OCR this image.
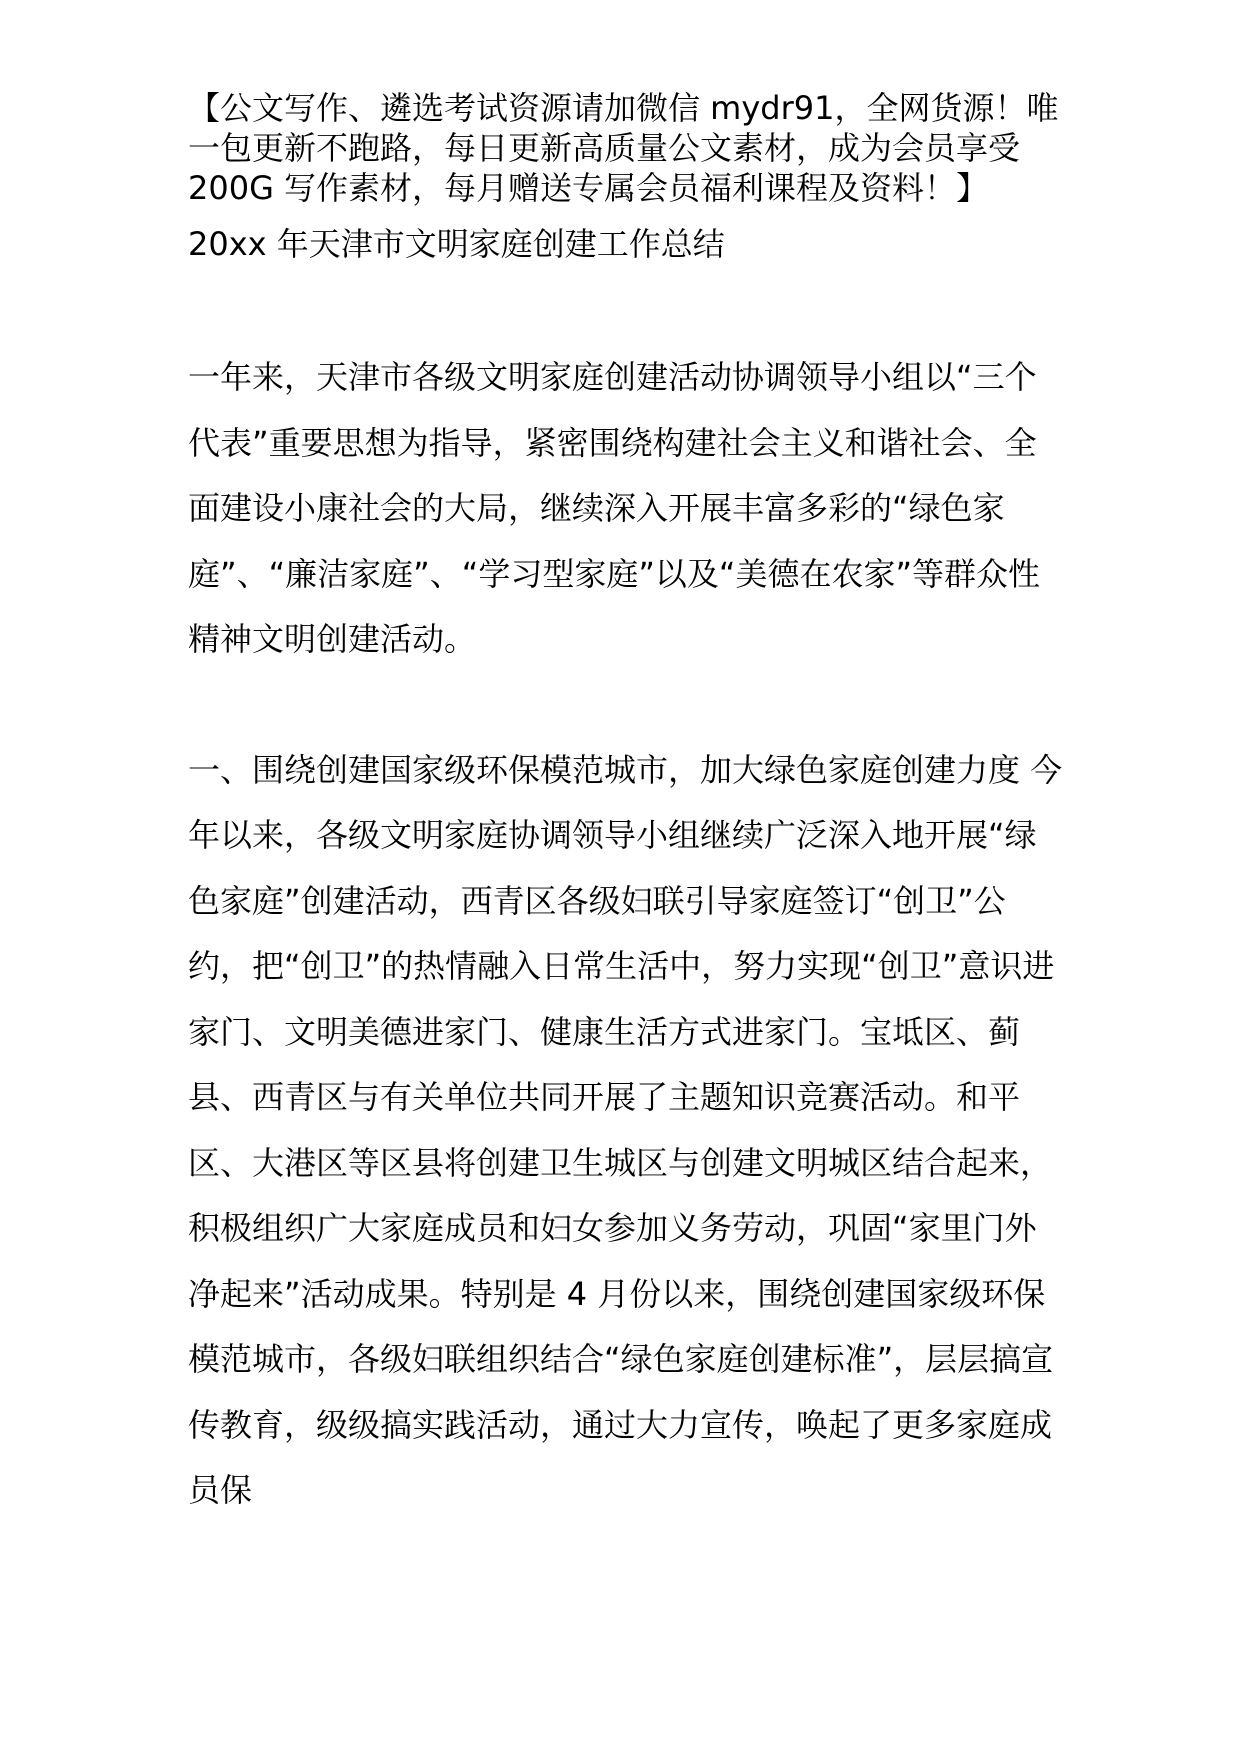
【公文写作、遴选考试资源请加微信 mydr91，全网货源！唯一包更新不跑路，每日更新高质量公文素材，成为会员享受 200G 写作素材，每月赠送专属会员福利课程及资料！】

20xx 年天津市文明家庭创建工作总结

一年来，天津市各级文明家庭创建活动协调领导小组以“三个代表”重要思想为指导，紧密围绕构建社会主义和谐社会、全面建设小康社会的大局，继续深入开展丰富多彩的“绿色家庭”、“廉洁家庭”、“学习型家庭”以及“美德在农家”等群众性精神文明创建活动。

一、围绕创建国家级环保模范城市，加大绿色家庭创建力度 今年以来，各级文明家庭协调领导小组继续广泛深入地开展“绿色家庭”创建活动，西青区各级妇联引导家庭签订“创卫”公约，把“创卫”的热情融入日常生活中，努力实现“创卫”意识进家门、文明美德进家门、健康生活方式进家门。宝坻区、蓟县、西青区与有关单位共同开展了主题知识竞赛活动。和平区、大港区等区县将创建卫生城区与创建文明城区结合起来，积极组织广大家庭成员和妇女参加义务劳动，巩固“家里门外净起来”活动成果。特别是 4 月份以来，围绕创建国家级环保模范城市，各级妇联组织结合“绿色家庭创建标准”，层层搞宣传教育，级级搞实践活动，通过大力宣传，唤起了更多家庭成员保
